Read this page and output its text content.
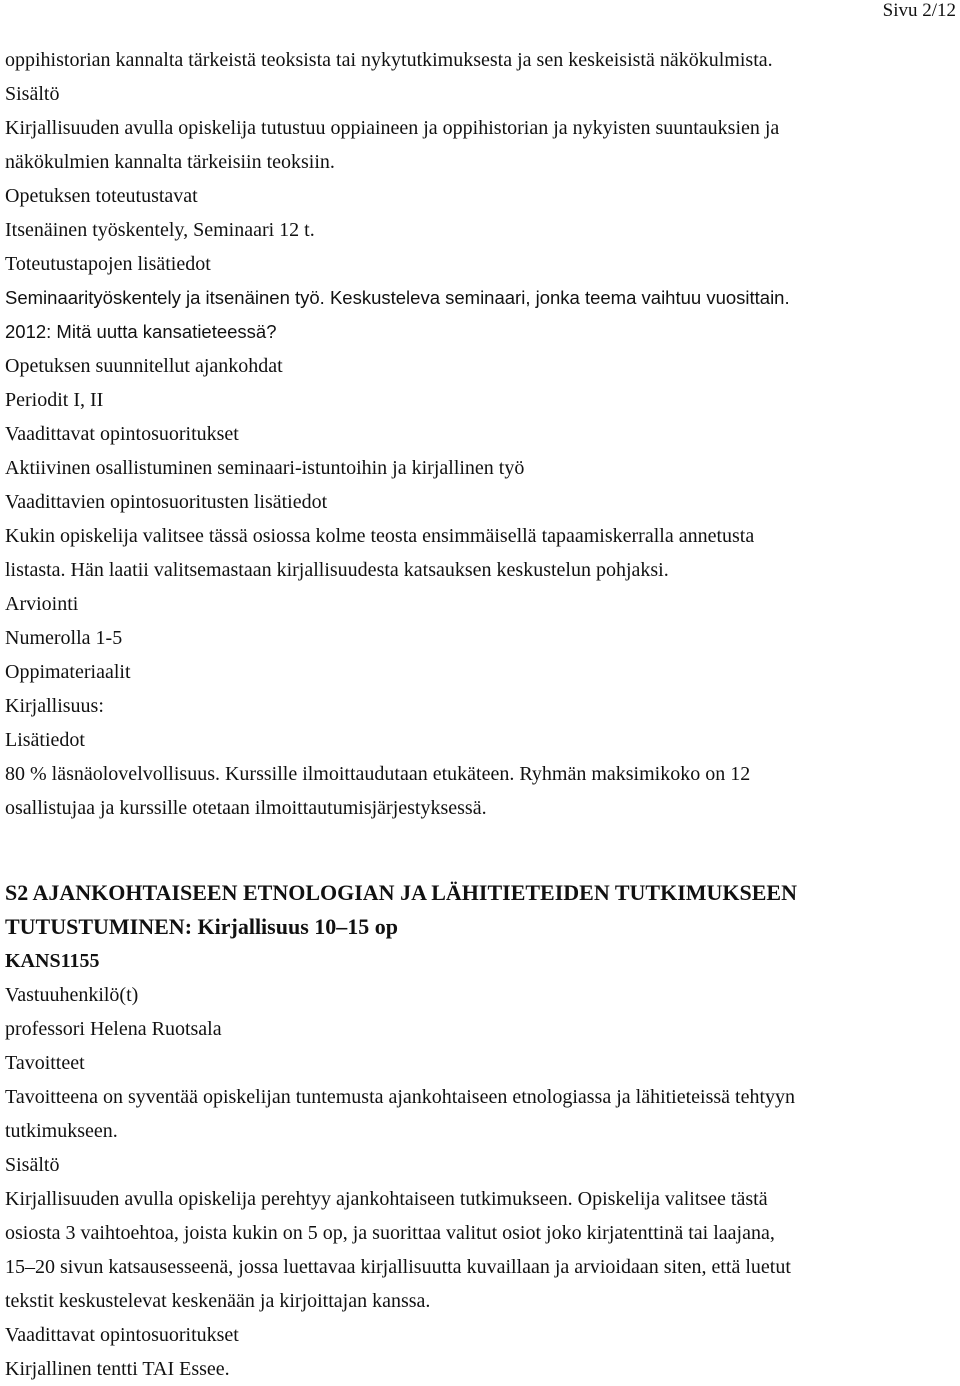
Sivu 2/12
oppihistorian kannalta tärkeistä teoksista tai nykytutkimuksesta ja sen keskeisistä näkökulmista.
Sisältö
Kirjallisuuden avulla opiskelija tutustuu oppiaineen ja oppihistorian ja nykyisten suuntauksien ja
näkökulmien kannalta tärkeisiin teoksiin.
Opetuksen toteutustavat
Itsenäinen työskentely, Seminaari 12 t.
Toteutustapojen lisätiedot
Seminaarityöskentely ja itsenäinen työ. Keskusteleva seminaari, jonka teema vaihtuu vuosittain.
2012: Mitä uutta kansatieteessä?
Opetuksen suunnitellut ajankohdat
Periodit I, II
Vaadittavat opintosuoritukset
Aktiivinen osallistuminen seminaari-istuntoihin ja kirjallinen työ
Vaadittavien opintosuoritusten lisätiedot
Kukin opiskelija valitsee tässä osiossa kolme teosta ensimmäisellä tapaamiskerralla annetusta
listasta. Hän laatii valitsemastaan kirjallisuudesta katsauksen keskustelun pohjaksi.
Arviointi
Numerolla 1-5
Oppimateriaalit
Kirjallisuus:
Lisätiedot
80 % läsnäolovelvollisuus. Kurssille ilmoittaudutaan etukäteen. Ryhmän maksimikoko on 12
osallistujaa ja kurssille otetaan ilmoittautumisjärjestyksessä.
S2 AJANKOHTAISEEN ETNOLOGIAN JA LÄHITIETEIDEN TUTKIMUKSEEN
TUTUSTUMINEN: Kirjallisuus 10–15 op
KANS1155
Vastuuhenkilö(t)
professori Helena Ruotsala
Tavoitteet
Tavoitteena on syventää opiskelijan tuntemusta ajankohtaiseen etnologiassa ja lähitieteissä tehtyyn
tutkimukseen.
Sisältö
Kirjallisuuden avulla opiskelija perehtyy ajankohtaiseen tutkimukseen. Opiskelija valitsee tästä
osiosta 3 vaihtoehtoa, joista kukin on 5 op, ja suorittaa valitut osiot joko kirjatenttinä tai laajana,
15–20 sivun katsausesseenä, jossa luettavaa kirjallisuutta kuvaillaan ja arvioidaan siten, että luetut
tekstit keskustelevat keskenään ja kirjoittajan kanssa.
Vaadittavat opintosuoritukset
Kirjallinen tentti TAI Essee.
